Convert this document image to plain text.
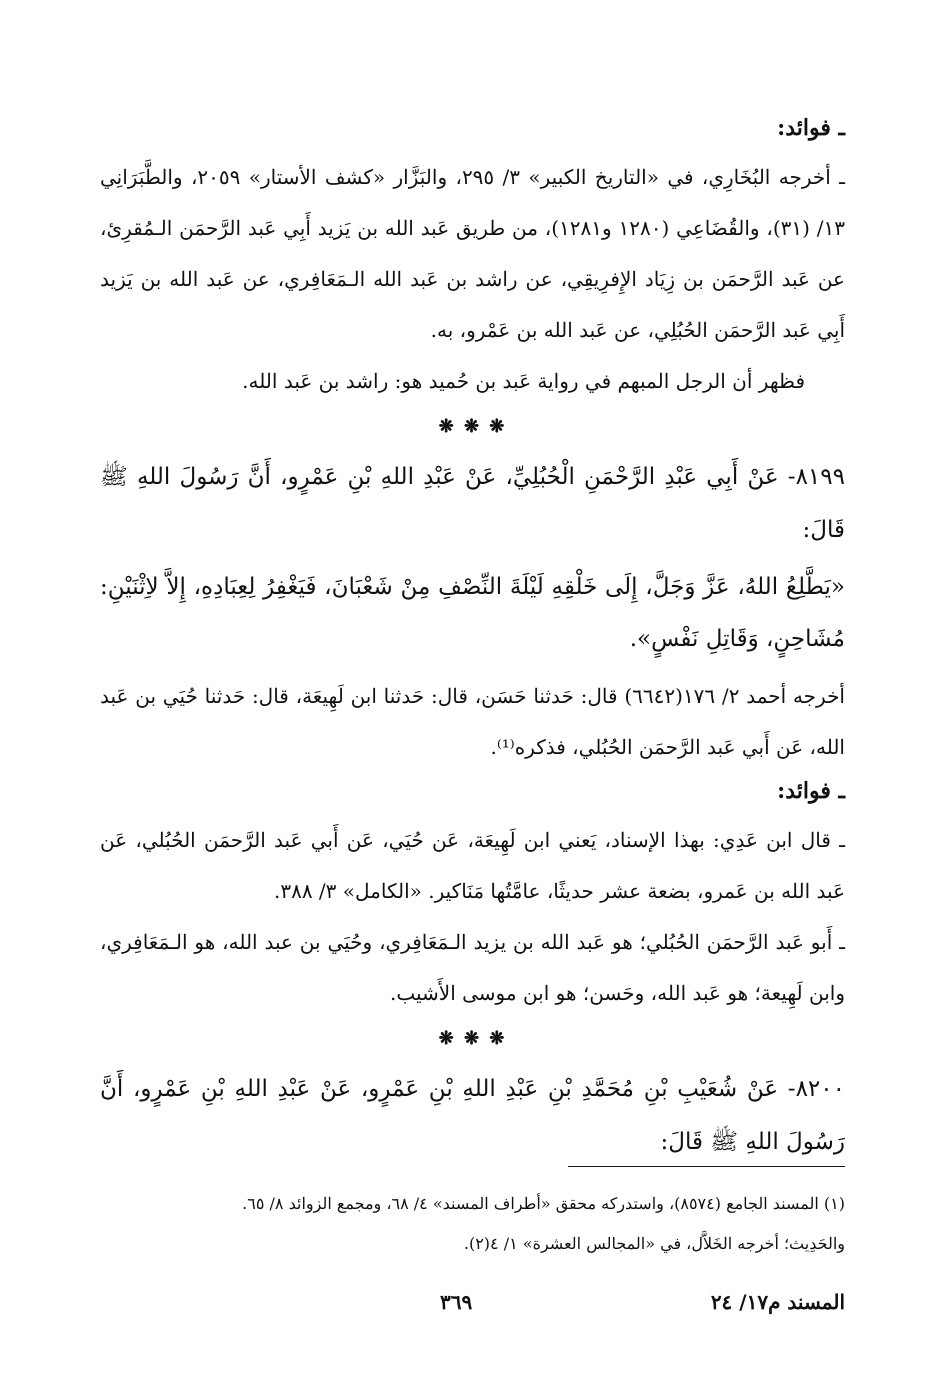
ـ فوائد:

ـ أخرجه البُخَارِي، في «التاريخ الكبير» ٣/ ٢٩٥، والبَزَّار «كشف الأستار» ٢٠٥٩، والطَّبَرَانِي ١٣/ (٣١)، والقُضَاعِي (١٢٨٠ و١٢٨١)، من طريق عَبد الله بن يَزيد أَبِي عَبد الرَّحمَن الـمُقرِئ، عن عَبد الرَّحمَن بن زِيَاد الإِفرِيقِي، عن راشد بن عَبد الله الـمَعَافِري، عن عَبد الله بن يَزيد أَبِي عَبد الرَّحمَن الحُبُلِي، عن عَبد الله بن عَمْرو، به.

فظهر أن الرجل المبهم في رواية عَبد بن حُميد هو: راشد بن عَبد الله.

❋ ❋ ❋

٨١٩٩- عَنْ أَبِي عَبْدِ الرَّحْمَنِ الْحُبُلِيِّ، عَنْ عَبْدِ اللهِ بْنِ عَمْرٍو، أَنَّ رَسُولَ اللهِ ﷺ قَالَ:

«يَطَّلِعُ اللهُ، عَزَّ وَجَلَّ، إِلَى خَلْقِهِ لَيْلَةَ النِّصْفِ مِنْ شَعْبَانَ، فَيَغْفِرُ لِعِبَادِهِ، إِلاَّ لاِثْنَيْنِ: مُشَاحِنٍ، وَقَاتِلِ نَفْسٍ».

أخرجه أحمد ٢/ ١٧٦(٦٦٤٢) قال: حَدثنا حَسَن، قال: حَدثنا ابن لَهِيعَة، قال: حَدثنا حُيَي بن عَبد الله، عَن أَبي عَبد الرَّحمَن الحُبُلي، فذكره⁽¹⁾.

ـ فوائد:

ـ قال ابن عَدِي: بهذا الإسناد، يَعني ابن لَهِيعَة، عَن حُيَي، عَن أَبي عَبد الرَّحمَن الحُبُلي، عَن عَبد الله بن عَمرو، بضعة عشر حديثًا، عامَّتُها مَنَاكير. «الكامل» ٣/ ٣٨٨.

ـ أَبو عَبد الرَّحمَن الحُبُلي؛ هو عَبد الله بن يزيد الـمَعَافِري، وحُيَي بن عبد الله، هو الـمَعَافِري، وابن لَهِيعة؛ هو عَبد الله، وحَسن؛ هو ابن موسى الأَشيب.

❋ ❋ ❋

٨٢٠٠- عَنْ شُعَيْبِ بْنِ مُحَمَّدِ بْنِ عَبْدِ اللهِ بْنِ عَمْرٍو، عَنْ عَبْدِ اللهِ بْنِ عَمْرٍو، أَنَّ رَسُولَ اللهِ ﷺ قَالَ:

(١) المسند الجامع (٨٥٧٤)، واستدركه محقق «أطراف المسند» ٤/ ٦٨، ومجمع الزوائد ٨/ ٦٥.

والحَدِيث؛ أخرجه الخَلاَّل، في «المجالس العشرة» ١/ ٤(٢).

المسند م١٧/ ٢٤
٣٦٩
